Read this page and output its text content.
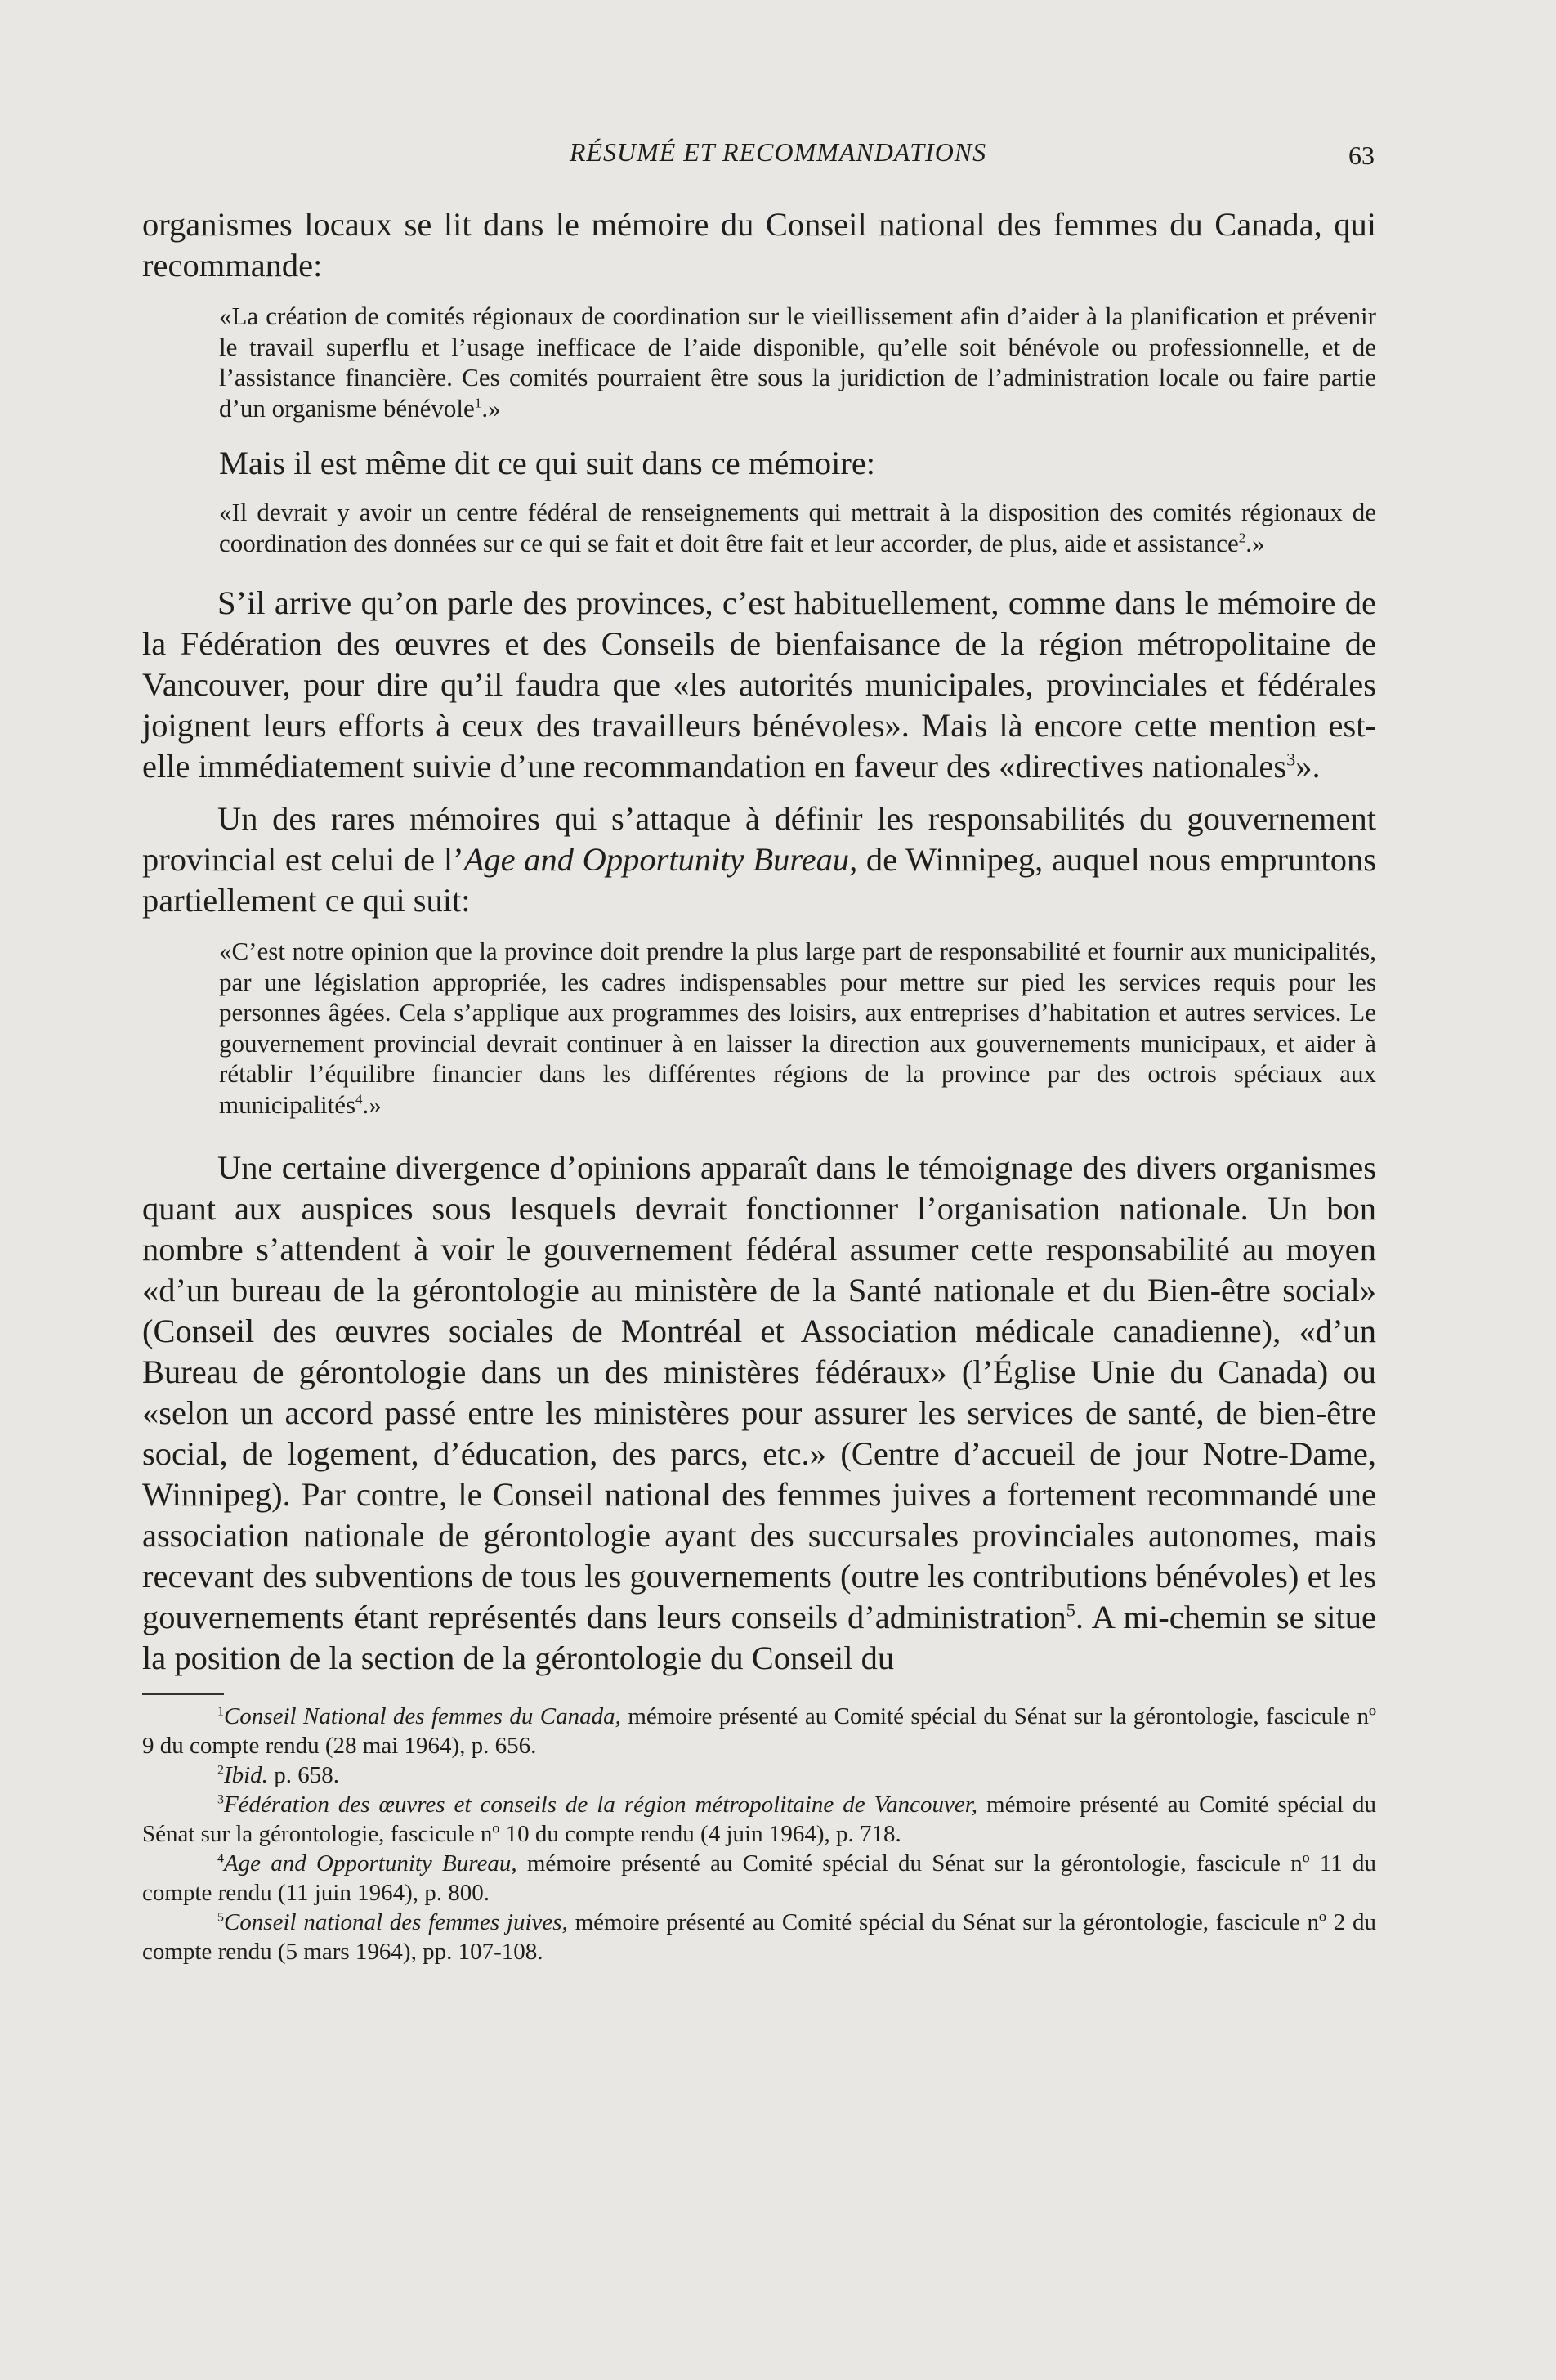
RÉSUMÉ ET RECOMMANDATIONS	63

organismes locaux se lit dans le mémoire du Conseil national des femmes du Canada, qui recommande:

«La création de comités régionaux de coordination sur le vieillissement afin d’aider à la planification et prévenir le travail superflu et l’usage inefficace de l’aide disponible, qu’elle soit bénévole ou professionnelle, et de l’assistance financière. Ces comités pourraient être sous la juridiction de l’administration locale ou faire partie d’un organisme bénévole$^1$.»

Mais il est même dit ce qui suit dans ce mémoire:

«Il devrait y avoir un centre fédéral de renseignements qui mettrait à la disposition des comités régionaux de coordination des données sur ce qui se fait et doit être fait et leur accorder, de plus, aide et assistance$^2$.»

S’il arrive qu’on parle des provinces, c’est habituellement, comme dans le mémoire de la Fédération des œuvres et des Conseils de bienfaisance de la région métropolitaine de Vancouver, pour dire qu’il faudra que «les autorités municipales, provinciales et fédérales joignent leurs efforts à ceux des travailleurs bénévoles». Mais là encore cette mention est-elle immédiatement suivie d’une recommandation en faveur des «directives nationales$^3$».

Un des rares mémoires qui s’attaque à définir les responsabilités du gouvernement provincial est celui de l’Age and Opportunity Bureau, de Winnipeg, auquel nous empruntons partiellement ce qui suit:

«C’est notre opinion que la province doit prendre la plus large part de responsabilité et fournir aux municipalités, par une législation appropriée, les cadres indispensables pour mettre sur pied les services requis pour les personnes âgées. Cela s’applique aux programmes des loisirs, aux entreprises d’habitation et autres services. Le gouvernement provincial devrait continuer à en laisser la direction aux gouvernements municipaux, et aider à rétablir l’équilibre financier dans les différentes régions de la province par des octrois spéciaux aux municipalités$^4$.»

Une certaine divergence d’opinions apparaît dans le témoignage des divers organismes quant aux auspices sous lesquels devrait fonctionner l’organisation nationale. Un bon nombre s’attendent à voir le gouvernement fédéral assumer cette responsabilité au moyen «d’un bureau de la gérontologie au ministère de la Santé nationale et du Bien-être social» (Conseil des œuvres sociales de Montréal et Association médicale canadienne), «d’un Bureau de gérontologie dans un des ministères fédéraux» (l’Église Unie du Canada) ou «selon un accord passé entre les ministères pour assurer les services de santé, de bien-être social, de logement, d’éducation, des parcs, etc.» (Centre d’accueil de jour Notre-Dame, Winnipeg). Par contre, le Conseil national des femmes juives a fortement recommandé une association nationale de gérontologie ayant des succursales provinciales autonomes, mais recevant des subventions de tous les gouvernements (outre les contributions bénévoles) et les gouvernements étant représentés dans leurs conseils d’administration$^5$. A mi-chemin se situe la position de la section de la gérontologie du Conseil du

$^1$Conseil National des femmes du Canada, mémoire présenté au Comité spécial du Sénat sur la gérontologie, fascicule nº 9 du compte rendu (28 mai 1964), p. 656.

$^2$Ibid. p. 658.

$^3$Fédération des œuvres et conseils de la région métropolitaine de Vancouver, mémoire présenté au Comité spécial du Sénat sur la gérontologie, fascicule nº 10 du compte rendu (4 juin 1964), p. 718.

$^4$Age and Opportunity Bureau, mémoire présenté au Comité spécial du Sénat sur la gérontologie, fascicule nº 11 du compte rendu (11 juin 1964), p. 800.

$^5$Conseil national des femmes juives, mémoire présenté au Comité spécial du Sénat sur la gérontologie, fascicule nº 2 du compte rendu (5 mars 1964), pp. 107-108.
